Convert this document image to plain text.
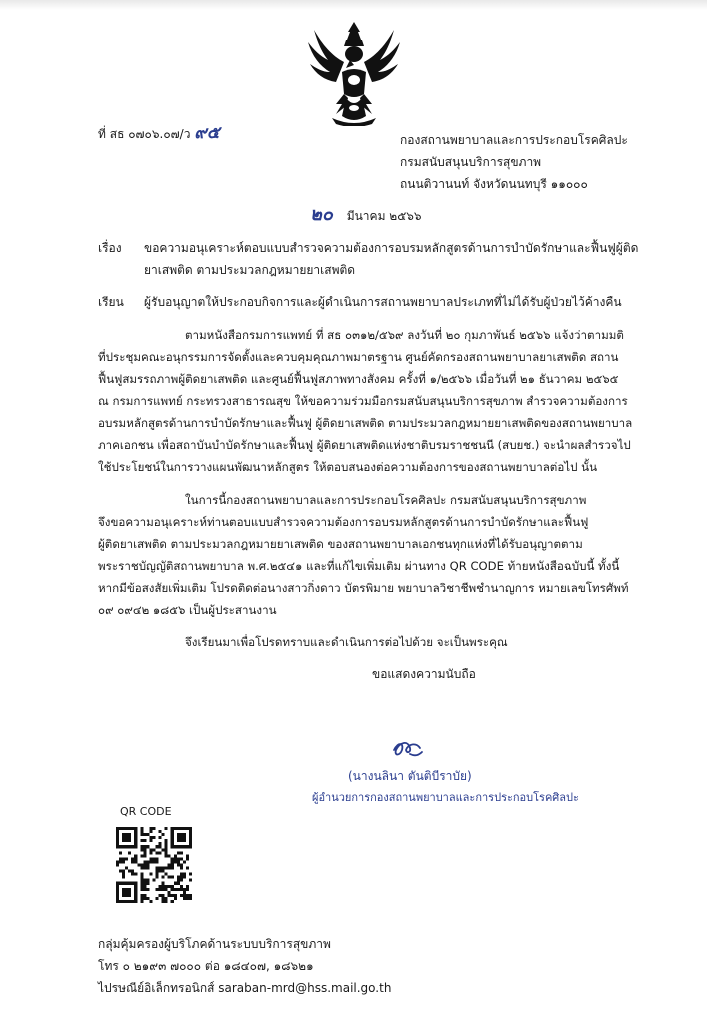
ที่ สธ ๐๗๐๖.๐๗/ว ๙๕	กองสถานพยาบาลและการประกอบโรคศิลปะ
กรมสนับสนุนบริการสุขภาพ
ถนนติวานนท์ จังหวัดนนทบุรี ๑๑๐๐๐
๒๐ มีนาคม ๒๕๖๖
เรื่อง ขอความอนุเคราะห์ตอบแบบสำรวจความต้องการอบรมหลักสูตรด้านการบำบัดรักษาและฟื้นฟูผู้ติด
ยาเสพติด ตามประมวลกฎหมายยาเสพติด
เรียน ผู้รับอนุญาตให้ประกอบกิจการและผู้ดำเนินการสถานพยาบาลประเภทที่ไม่ได้รับผู้ป่วยไว้ค้างคืน
ตามหนังสือกรมการแพทย์ ที่ สธ ๐๓๑๒/๕๖๙ ลงวันที่ ๒๐ กุมภาพันธ์ ๒๕๖๖ แจ้งว่าตามมติ
ที่ประชุมคณะอนุกรรมการจัดตั้งและควบคุมคุณภาพมาตรฐาน ศูนย์คัดกรองสถานพยาบาลยาเสพติด สถาน
ฟื้นฟูสมรรถภาพผู้ติดยาเสพติด และศูนย์ฟื้นฟูสภาพทางสังคม ครั้งที่ ๑/๒๕๖๖ เมื่อวันที่ ๒๑ ธันวาคม ๒๕๖๕
ณ กรมการแพทย์ กระทรวงสาธารณสุข ให้ขอความร่วมมือกรมสนับสนุนบริการสุขภาพ สำรวจความต้องการ
อบรมหลักสูตรด้านการบำบัดรักษาและฟื้นฟู ผู้ติดยาเสพติด ตามประมวลกฎหมายยาเสพติดของสถานพยาบาล
ภาคเอกชน เพื่อสถาบันบำบัดรักษาและฟื้นฟู ผู้ติดยาเสพติดแห่งชาติบรมราชชนนี (สบยช.) จะนำผลสำรวจไป
ใช้ประโยชน์ในการวางแผนพัฒนาหลักสูตร ให้ตอบสนองต่อความต้องการของสถานพยาบาลต่อไป นั้น
ในการนี้กองสถานพยาบาลและการประกอบโรคศิลปะ กรมสนับสนุนบริการสุขภาพ
จึงขอความอนุเคราะห์ท่านตอบแบบสำรวจความต้องการอบรมหลักสูตรด้านการบำบัดรักษาและฟื้นฟู
ผู้ติดยาเสพติด ตามประมวลกฎหมายยาเสพติด ของสถานพยาบาลเอกชนทุกแห่งที่ได้รับอนุญาตตาม
พระราชบัญญัติสถานพยาบาล พ.ศ.๒๕๔๑ และที่แก้ไขเพิ่มเติม ผ่านทาง QR CODE ท้ายหนังสือฉบับนี้ ทั้งนี้
หากมีข้อสงสัยเพิ่มเติม โปรดติดต่อนางสาวกิ่งดาว บัตรพิมาย พยาบาลวิชาชีพชำนาญการ หมายเลขโทรศัพท์
๐๙ ๐๙๔๒ ๑๘๕๖ เป็นผู้ประสานงาน
จึงเรียนมาเพื่อโปรดทราบและดำเนินการต่อไปด้วย จะเป็นพระคุณ
ขอแสดงความนับถือ
(นางนลินา ตันติบีราบัย)
ผู้อำนวยการกองสถานพยาบาลและการประกอบโรคศิลปะ
QR CODE
กลุ่มคุ้มครองผู้บริโภคด้านระบบบริการสุขภาพ
โทร ๐ ๒๑๙๓ ๗๐๐๐ ต่อ ๑๘๔๐๗, ๑๘๖๒๑
ไปรษณีย์อิเล็กทรอนิกส์ saraban-mrd@hss.mail.go.th
